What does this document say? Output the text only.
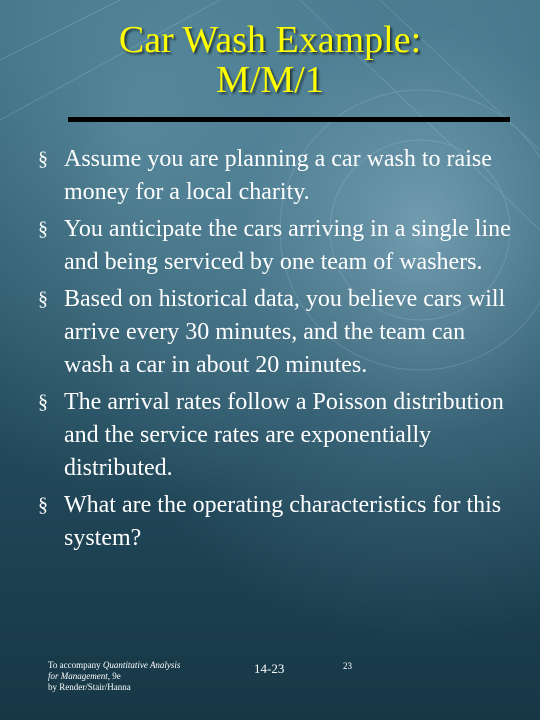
Car Wash Example:
M/M/1
§ Assume you are planning a car wash to raise money for a local charity.
§ You anticipate the cars arriving in a single line and being serviced by one team of washers.
§ Based on historical data, you believe cars will arrive every 30 minutes, and the team can wash a car in about 20 minutes.
§ The arrival rates follow a Poisson distribution and the service rates are exponentially distributed.
§ What are the operating characteristics for this system?
To accompany Quantitative Analysis
for Management, 9e
by Render/Stair/Hanna
14-23	23
